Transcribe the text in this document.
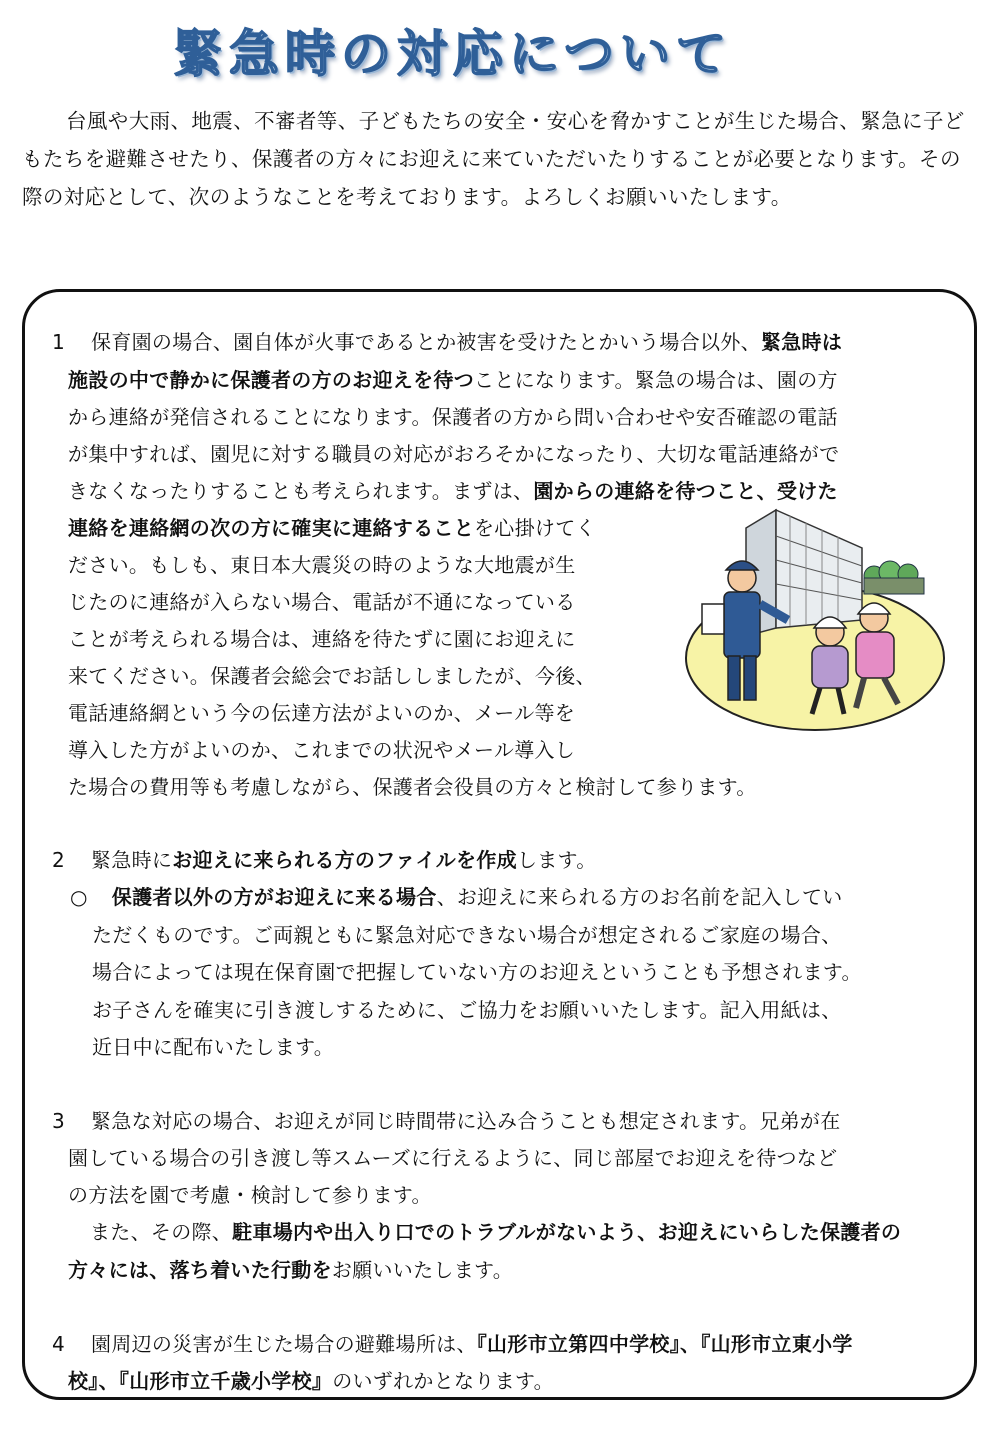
緊急時の対応について

台風や大雨、地震、不審者等、子どもたちの安全・安心を脅かすことが生じた場合、緊急に子どもたちを避難させたり、保護者の方々にお迎えに来ていただいたりすることが必要となります。その際の対応として、次のようなことを考えております。よろしくお願いいたします。

1 保育園の場合、園自体が火事であるとか被害を受けたとかいう場合以外、緊急時は
施設の中で静かに保護者の方のお迎えを待つことになります。緊急の場合は、園の方
から連絡が発信されることになります。保護者の方から問い合わせや安否確認の電話
が集中すれば、園児に対する職員の対応がおろそかになったり、大切な電話連絡がで
きなくなったりすることも考えられます。まずは、園からの連絡を待つこと、受けた
連絡を連絡網の次の方に確実に連絡することを心掛けてく
ださい。もしも、東日本大震災の時のような大地震が生
じたのに連絡が入らない場合、電話が不通になっている
ことが考えられる場合は、連絡を待たずに園にお迎えに
来てください。保護者会総会でお話ししましたが、今後、
電話連絡網という今の伝達方法がよいのか、メール等を
導入した方がよいのか、これまでの状況やメール導入し
た場合の費用等も考慮しながら、保護者会役員の方々と検討して参ります。
2 緊急時にお迎えに来られる方のファイルを作成します。
○ 保護者以外の方がお迎えに来る場合、お迎えに来られる方のお名前を記入してい
ただくものです。ご両親ともに緊急対応できない場合が想定されるご家庭の場合、
場合によっては現在保育園で把握していない方のお迎えということも予想されます。
お子さんを確実に引き渡しするために、ご協力をお願いいたします。記入用紙は、
近日中に配布いたします。
3 緊急な対応の場合、お迎えが同じ時間帯に込み合うことも想定されます。兄弟が在
園している場合の引き渡し等スムーズに行えるように、同じ部屋でお迎えを待つなど
の方法を園で考慮・検討して参ります。
また、その際、駐車場内や出入り口でのトラブルがないよう、お迎えにいらした保護者の
方々には、落ち着いた行動をお願いいたします。
4 園周辺の災害が生じた場合の避難場所は、『山形市立第四中学校』、『山形市立東小学
校』、『山形市立千歳小学校』のいずれかとなります。
